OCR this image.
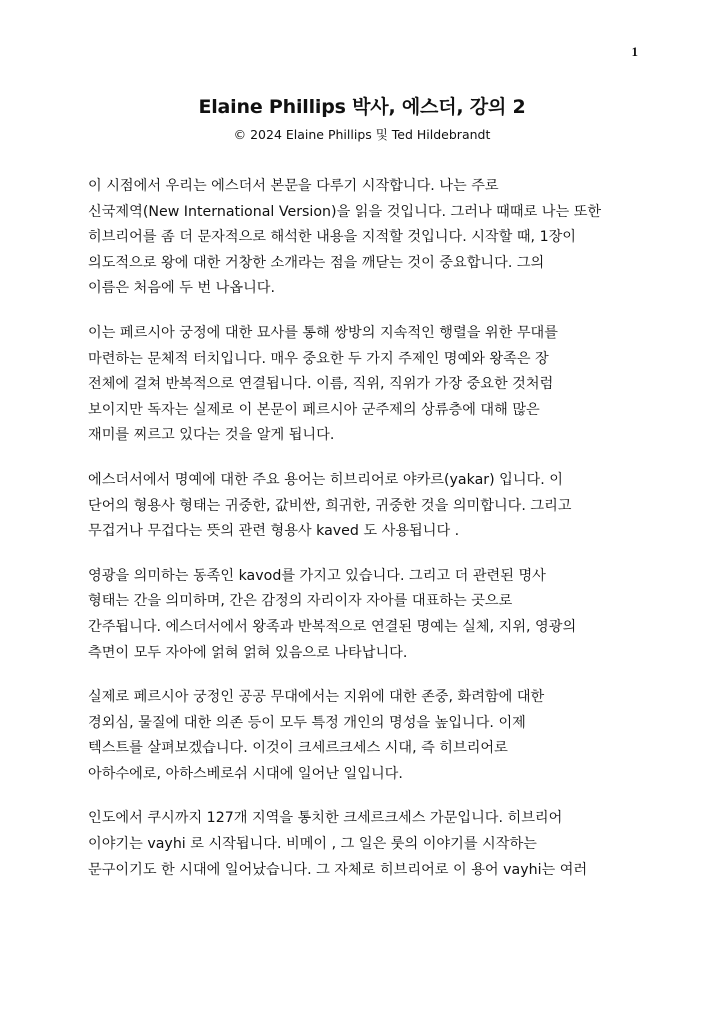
1
Elaine Phillips 박사, 에스더, 강의 2
© 2024 Elaine Phillips 및 Ted Hildebrandt

이 시점에서 우리는 에스더서 본문을 다루기 시작합니다. 나는 주로
신국제역(New International Version)을 읽을 것입니다. 그러나 때때로 나는 또한
히브리어를 좀 더 문자적으로 해석한 내용을 지적할 것입니다. 시작할 때, 1장이
의도적으로 왕에 대한 거창한 소개라는 점을 깨닫는 것이 중요합니다. 그의
이름은 처음에 두 번 나옵니다.

이는 페르시아 궁정에 대한 묘사를 통해 쌍방의 지속적인 행렬을 위한 무대를
마련하는 문체적 터치입니다. 매우 중요한 두 가지 주제인 명예와 왕족은 장
전체에 걸쳐 반복적으로 연결됩니다. 이름, 직위, 직위가 가장 중요한 것처럼
보이지만 독자는 실제로 이 본문이 페르시아 군주제의 상류층에 대해 많은
재미를 찌르고 있다는 것을 알게 됩니다.

에스더서에서 명예에 대한 주요 용어는 히브리어로 야카르(yakar) 입니다. 이
단어의 형용사 형태는 귀중한, 값비싼, 희귀한, 귀중한 것을 의미합니다. 그리고
무겁거나 무겁다는 뜻의 관련 형용사 kaved 도 사용됩니다 .

영광을 의미하는 동족인 kavod를 가지고 있습니다. 그리고 더 관련된 명사
형태는 간을 의미하며, 간은 감정의 자리이자 자아를 대표하는 곳으로
간주됩니다. 에스더서에서 왕족과 반복적으로 연결된 명예는 실체, 지위, 영광의
측면이 모두 자아에 얽혀 얽혀 있음으로 나타납니다.

실제로 페르시아 궁정인 공공 무대에서는 지위에 대한 존중, 화려함에 대한
경외심, 물질에 대한 의존 등이 모두 특정 개인의 명성을 높입니다. 이제
텍스트를 살펴보겠습니다. 이것이 크세르크세스 시대, 즉 히브리어로
아하수에로, 아하스베로쉬 시대에 일어난 일입니다.

인도에서 쿠시까지 127개 지역을 통치한 크세르크세스 가문입니다. 히브리어
이야기는 vayhi 로 시작됩니다. 비메이 , 그 일은 룻의 이야기를 시작하는
문구이기도 한 시대에 일어났습니다. 그 자체로 히브리어로 이 용어 vayhi는 여러
